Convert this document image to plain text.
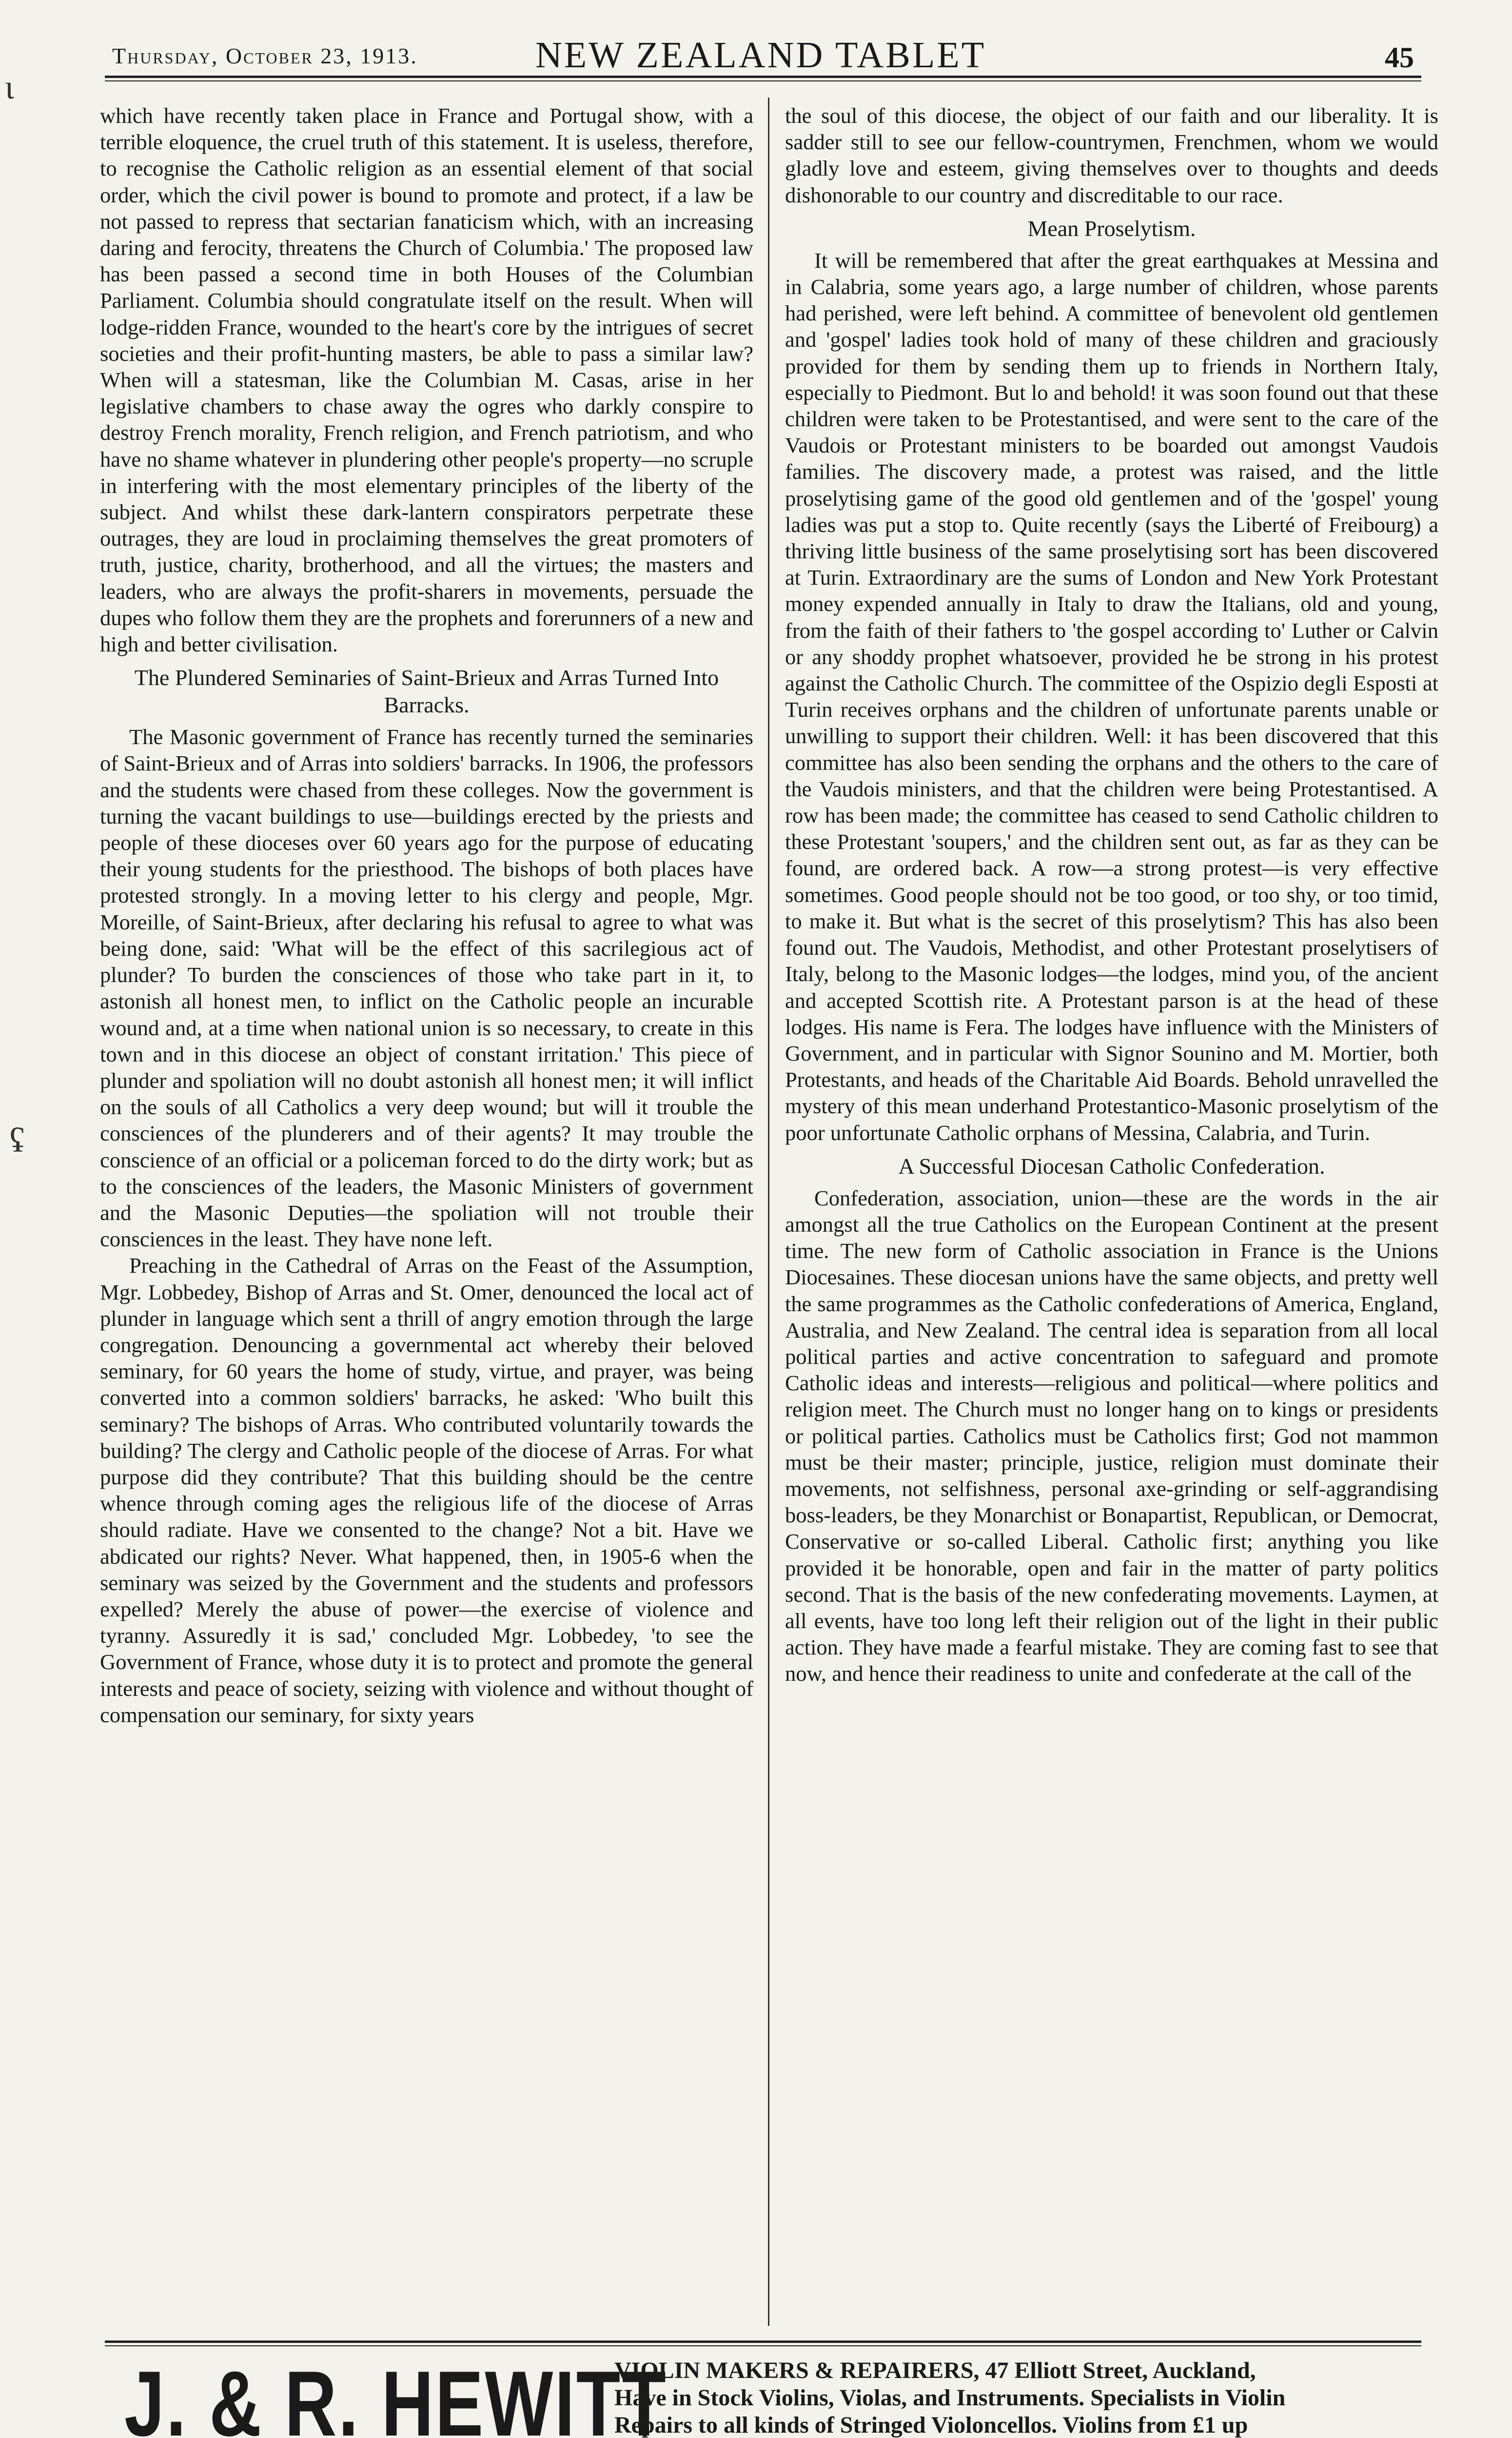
Thursday, October 23, 1913.	NEW ZEALAND TABLET	45
ɩ
ʢ

which have recently taken place in France and Portugal show, with a terrible eloquence, the cruel truth of this statement. It is useless, therefore, to recognise the Catholic religion as an essential element of that social order, which the civil power is bound to promote and protect, if a law be not passed to repress that sectarian fanaticism which, with an increasing daring and ferocity, threatens the Church of Columbia.' The proposed law has been passed a second time in both Houses of the Columbian Parliament. Columbia should congratulate itself on the result. When will lodge-ridden France, wounded to the heart's core by the intrigues of secret societies and their profit-hunting masters, be able to pass a similar law? When will a statesman, like the Columbian M. Casas, arise in her legislative chambers to chase away the ogres who darkly conspire to destroy French morality, French religion, and French patriotism, and who have no shame whatever in plundering other people's property—no scruple in interfering with the most elementary principles of the liberty of the subject. And whilst these dark-lantern conspirators perpetrate these outrages, they are loud in proclaiming themselves the great promoters of truth, justice, charity, brotherhood, and all the virtues; the masters and leaders, who are always the profit-sharers in movements, persuade the dupes who follow them they are the prophets and forerunners of a new and high and better civilisation.

The Plundered Seminaries of Saint-Brieux and Arras Turned Into Barracks.

The Masonic government of France has recently turned the seminaries of Saint-Brieux and of Arras into soldiers' barracks. In 1906, the professors and the students were chased from these colleges. Now the government is turning the vacant buildings to use—buildings erected by the priests and people of these dioceses over 60 years ago for the purpose of educating their young students for the priesthood. The bishops of both places have protested strongly. In a moving letter to his clergy and people, Mgr. Moreille, of Saint-Brieux, after declaring his refusal to agree to what was being done, said: 'What will be the effect of this sacrilegious act of plunder? To burden the consciences of those who take part in it, to astonish all honest men, to inflict on the Catholic people an incurable wound and, at a time when national union is so necessary, to create in this town and in this diocese an object of constant irritation.' This piece of plunder and spoliation will no doubt astonish all honest men; it will inflict on the souls of all Catholics a very deep wound; but will it trouble the consciences of the plunderers and of their agents? It may trouble the conscience of an official or a policeman forced to do the dirty work; but as to the consciences of the leaders, the Masonic Ministers of government and the Masonic Deputies—the spoliation will not trouble their consciences in the least. They have none left.

Preaching in the Cathedral of Arras on the Feast of the Assumption, Mgr. Lobbedey, Bishop of Arras and St. Omer, denounced the local act of plunder in language which sent a thrill of angry emotion through the large congregation. Denouncing a governmental act whereby their beloved seminary, for 60 years the home of study, virtue, and prayer, was being converted into a common soldiers' barracks, he asked: 'Who built this seminary? The bishops of Arras. Who contributed voluntarily towards the building? The clergy and Catholic people of the diocese of Arras. For what purpose did they contribute? That this building should be the centre whence through coming ages the religious life of the diocese of Arras should radiate. Have we consented to the change? Not a bit. Have we abdicated our rights? Never. What happened, then, in 1905-6 when the seminary was seized by the Government and the students and professors expelled? Merely the abuse of power—the exercise of violence and tyranny. Assuredly it is sad,' concluded Mgr. Lobbedey, 'to see the Government of France, whose duty it is to protect and promote the general interests and peace of society, seizing with violence and without thought of compensation our seminary, for sixty years

the soul of this diocese, the object of our faith and our liberality. It is sadder still to see our fellow-countrymen, Frenchmen, whom we would gladly love and esteem, giving themselves over to thoughts and deeds dishonorable to our country and discreditable to our race.

Mean Proselytism.

It will be remembered that after the great earthquakes at Messina and in Calabria, some years ago, a large number of children, whose parents had perished, were left behind. A committee of benevolent old gentlemen and 'gospel' ladies took hold of many of these children and graciously provided for them by sending them up to friends in Northern Italy, especially to Piedmont. But lo and behold! it was soon found out that these children were taken to be Protestantised, and were sent to the care of the Vaudois or Protestant ministers to be boarded out amongst Vaudois families. The discovery made, a protest was raised, and the little proselytising game of the good old gentlemen and of the 'gospel' young ladies was put a stop to. Quite recently (says the Liberté of Freibourg) a thriving little business of the same proselytising sort has been discovered at Turin. Extraordinary are the sums of London and New York Protestant money expended annually in Italy to draw the Italians, old and young, from the faith of their fathers to 'the gospel according to' Luther or Calvin or any shoddy prophet whatsoever, provided he be strong in his protest against the Catholic Church. The committee of the Ospizio degli Esposti at Turin receives orphans and the children of unfortunate parents unable or unwilling to support their children. Well: it has been discovered that this committee has also been sending the orphans and the others to the care of the Vaudois ministers, and that the children were being Protestantised. A row has been made; the committee has ceased to send Catholic children to these Protestant 'soupers,' and the children sent out, as far as they can be found, are ordered back. A row—a strong protest—is very effective sometimes. Good people should not be too good, or too shy, or too timid, to make it. But what is the secret of this proselytism? This has also been found out. The Vaudois, Methodist, and other Protestant proselytisers of Italy, belong to the Masonic lodges—the lodges, mind you, of the ancient and accepted Scottish rite. A Protestant parson is at the head of these lodges. His name is Fera. The lodges have influence with the Ministers of Government, and in particular with Signor Sounino and M. Mortier, both Protestants, and heads of the Charitable Aid Boards. Behold unravelled the mystery of this mean underhand Protestantico-Masonic proselytism of the poor unfortunate Catholic orphans of Messina, Calabria, and Turin.

A Successful Diocesan Catholic Confederation.

Confederation, association, union—these are the words in the air amongst all the true Catholics on the European Continent at the present time. The new form of Catholic association in France is the Unions Diocesaines. These diocesan unions have the same objects, and pretty well the same programmes as the Catholic confederations of America, England, Australia, and New Zealand. The central idea is separation from all local political parties and active concentration to safeguard and promote Catholic ideas and interests—religious and political—where politics and religion meet. The Church must no longer hang on to kings or presidents or political parties. Catholics must be Catholics first; God not mammon must be their master; principle, justice, religion must dominate their movements, not selfishness, personal axe-grinding or self-aggrandising boss-leaders, be they Monarchist or Bonapartist, Republican, or Democrat, Conservative or so-called Liberal. Catholic first; anything you like provided it be honorable, open and fair in the matter of party politics second. That is the basis of the new confederating movements. Laymen, at all events, have too long left their religion out of the light in their public action. They have made a fearful mistake. They are coming fast to see that now, and hence their readiness to unite and confederate at the call of the

J. & R. HEWITT
VIOLIN MAKERS & REPAIRERS, 47 Elliott Street, Auckland,
Have in Stock Violins, Violas, and Instruments. Specialists in Violin
Repairs to all kinds of Stringed Violoncellos. Violins from £1 up
